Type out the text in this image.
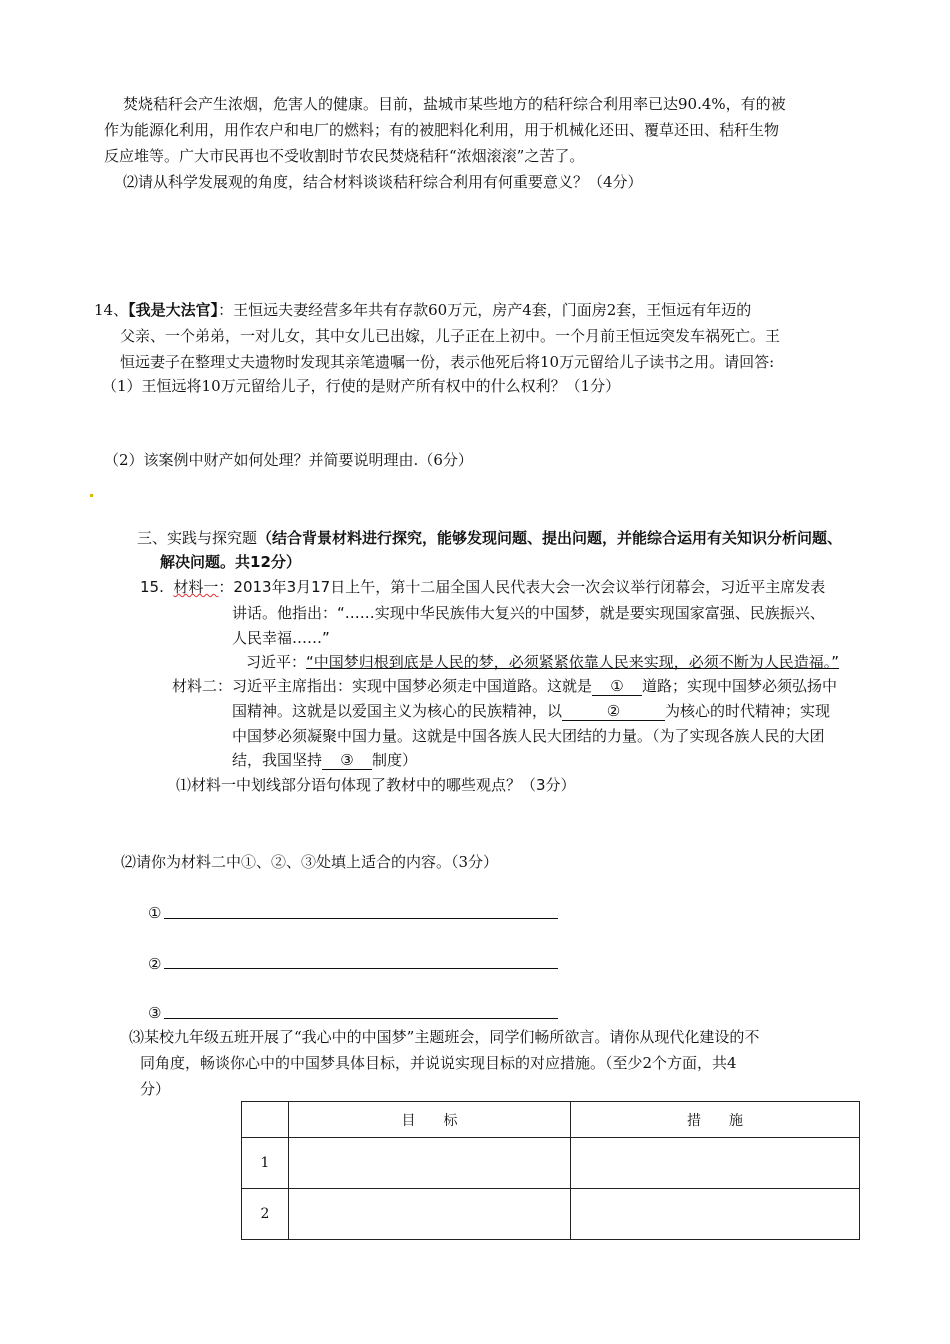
焚烧秸秆会产生浓烟，危害人的健康。目前，盐城市某些地方的秸秆综合利用率已达90.4%，有的被
作为能源化利用，用作农户和电厂的燃料；有的被肥料化利用，用于机械化还田、覆草还田、秸秆生物
反应堆等。广大市民再也不受收割时节农民焚烧秸秆“浓烟滚滚”之苦了。
⑵请从科学发展观的角度，结合材料谈谈秸秆综合利用有何重要意义？（4分）
14、【我是大法官】：王恒远夫妻经营多年共有存款60万元，房产4套，门面房2套，王恒远有年迈的
父亲、一个弟弟，一对儿女，其中女儿已出嫁，儿子正在上初中。一个月前王恒远突发车祸死亡。王
恒远妻子在整理丈夫遗物时发现其亲笔遗嘱一份，表示他死后将10万元留给儿子读书之用。请回答:
（1）王恒远将10万元留给儿子，行使的是财产所有权中的什么权利？（1分）
（2）该案例中财产如何处理？并简要说明理由.（6分）
三、实践与探究题（结合背景材料进行探究，能够发现问题、提出问题，并能综合运用有关知识分析问题、
解决问题。共12分）
15. 材料一：2013年3月17日上午，第十二届全国人民代表大会一次会议举行闭幕会，习近平主席发表
讲话。他指出：“……实现中华民族伟大复兴的中国梦，就是要实现国家富强、民族振兴、
人民幸福……”
习近平：“中国梦归根到底是人民的梦，必须紧紧依靠人民来实现，必须不断为人民造福。”
材料二：习近平主席指出：实现中国梦必须走中国道路。这就是 ① 道路；实现中国梦必须弘扬中
国精神。这就是以爱国主义为核心的民族精神，以	②	为核心的时代精神；实现
中国梦必须凝聚中国力量。这就是中国各族人民大团结的力量。（为了实现各族人民的大团
结，我国坚持 ③ 制度）
⑴材料一中划线部分语句体现了教材中的哪些观点？（3分）
⑵请你为材料二中①、②、③处填上适合的内容。（3分）
①
②
③
⑶某校九年级五班开展了“我心中的中国梦”主题班会，同学们畅所欲言。请你从现代化建设的不
同角度，畅谈你心中的中国梦具体目标，并说说实现目标的对应措施。（至少2个方面，共4
分）
	目　　标	措　　施
1		
2		
